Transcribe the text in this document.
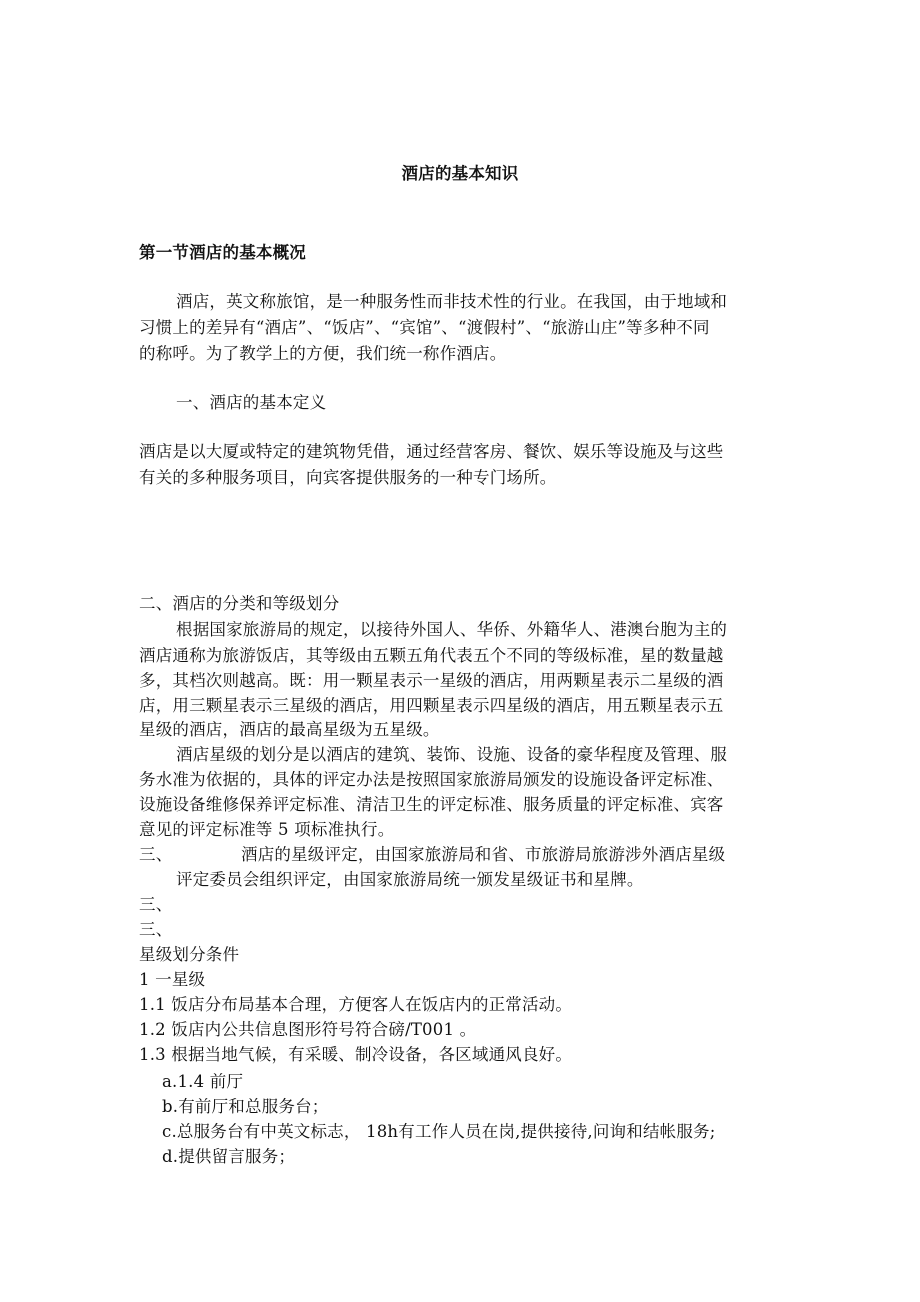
酒店的基本知识
第一节酒店的基本概况
酒店，英文称旅馆，是一种服务性而非技术性的行业。在我国，由于地域和
习惯上的差异有“酒店”、“饭店”、“宾馆”、“渡假村”、“旅游山庄”等多种不同
的称呼。为了教学上的方便，我们统一称作酒店。
一、酒店的基本定义
酒店是以大厦或特定的建筑物凭借，通过经营客房、餐饮、娱乐等设施及与这些
有关的多种服务项目，向宾客提供服务的一种专门场所。
二、酒店的分类和等级划分
根据国家旅游局的规定，以接待外国人、华侨、外籍华人、港澳台胞为主的
酒店通称为旅游饭店，其等级由五颗五角代表五个不同的等级标准，星的数量越
多，其档次则越高。既：用一颗星表示一星级的酒店，用两颗星表示二星级的酒
店，用三颗星表示三星级的酒店，用四颗星表示四星级的酒店，用五颗星表示五
星级的酒店，酒店的最高星级为五星级。
酒店星级的划分是以酒店的建筑、装饰、设施、设备的豪华程度及管理、服
务水准为依据的，具体的评定办法是按照国家旅游局颁发的设施设备评定标准、
设施设备维修保养评定标准、清洁卫生的评定标准、服务质量的评定标准、宾客
意见的评定标准等 5 项标准执行。
三、	酒店的星级评定，由国家旅游局和省、市旅游局旅游涉外酒店星级
评定委员会组织评定，由国家旅游局统一颁发星级证书和星牌。
三、
三、
星级划分条件
1 一星级
1.1 饭店分布局基本合理，方便客人在饭店内的正常活动。
1.2 饭店内公共信息图形符号符合磅/T001 。
1.3 根据当地气候，有采暖、制冷设备，各区域通风良好。
a.1.4 前厅
b.有前厅和总服务台；
c.总服务台有中英文标志， 18h有工作人员在岗,提供接待,问询和结帐服务;
d.提供留言服务；
